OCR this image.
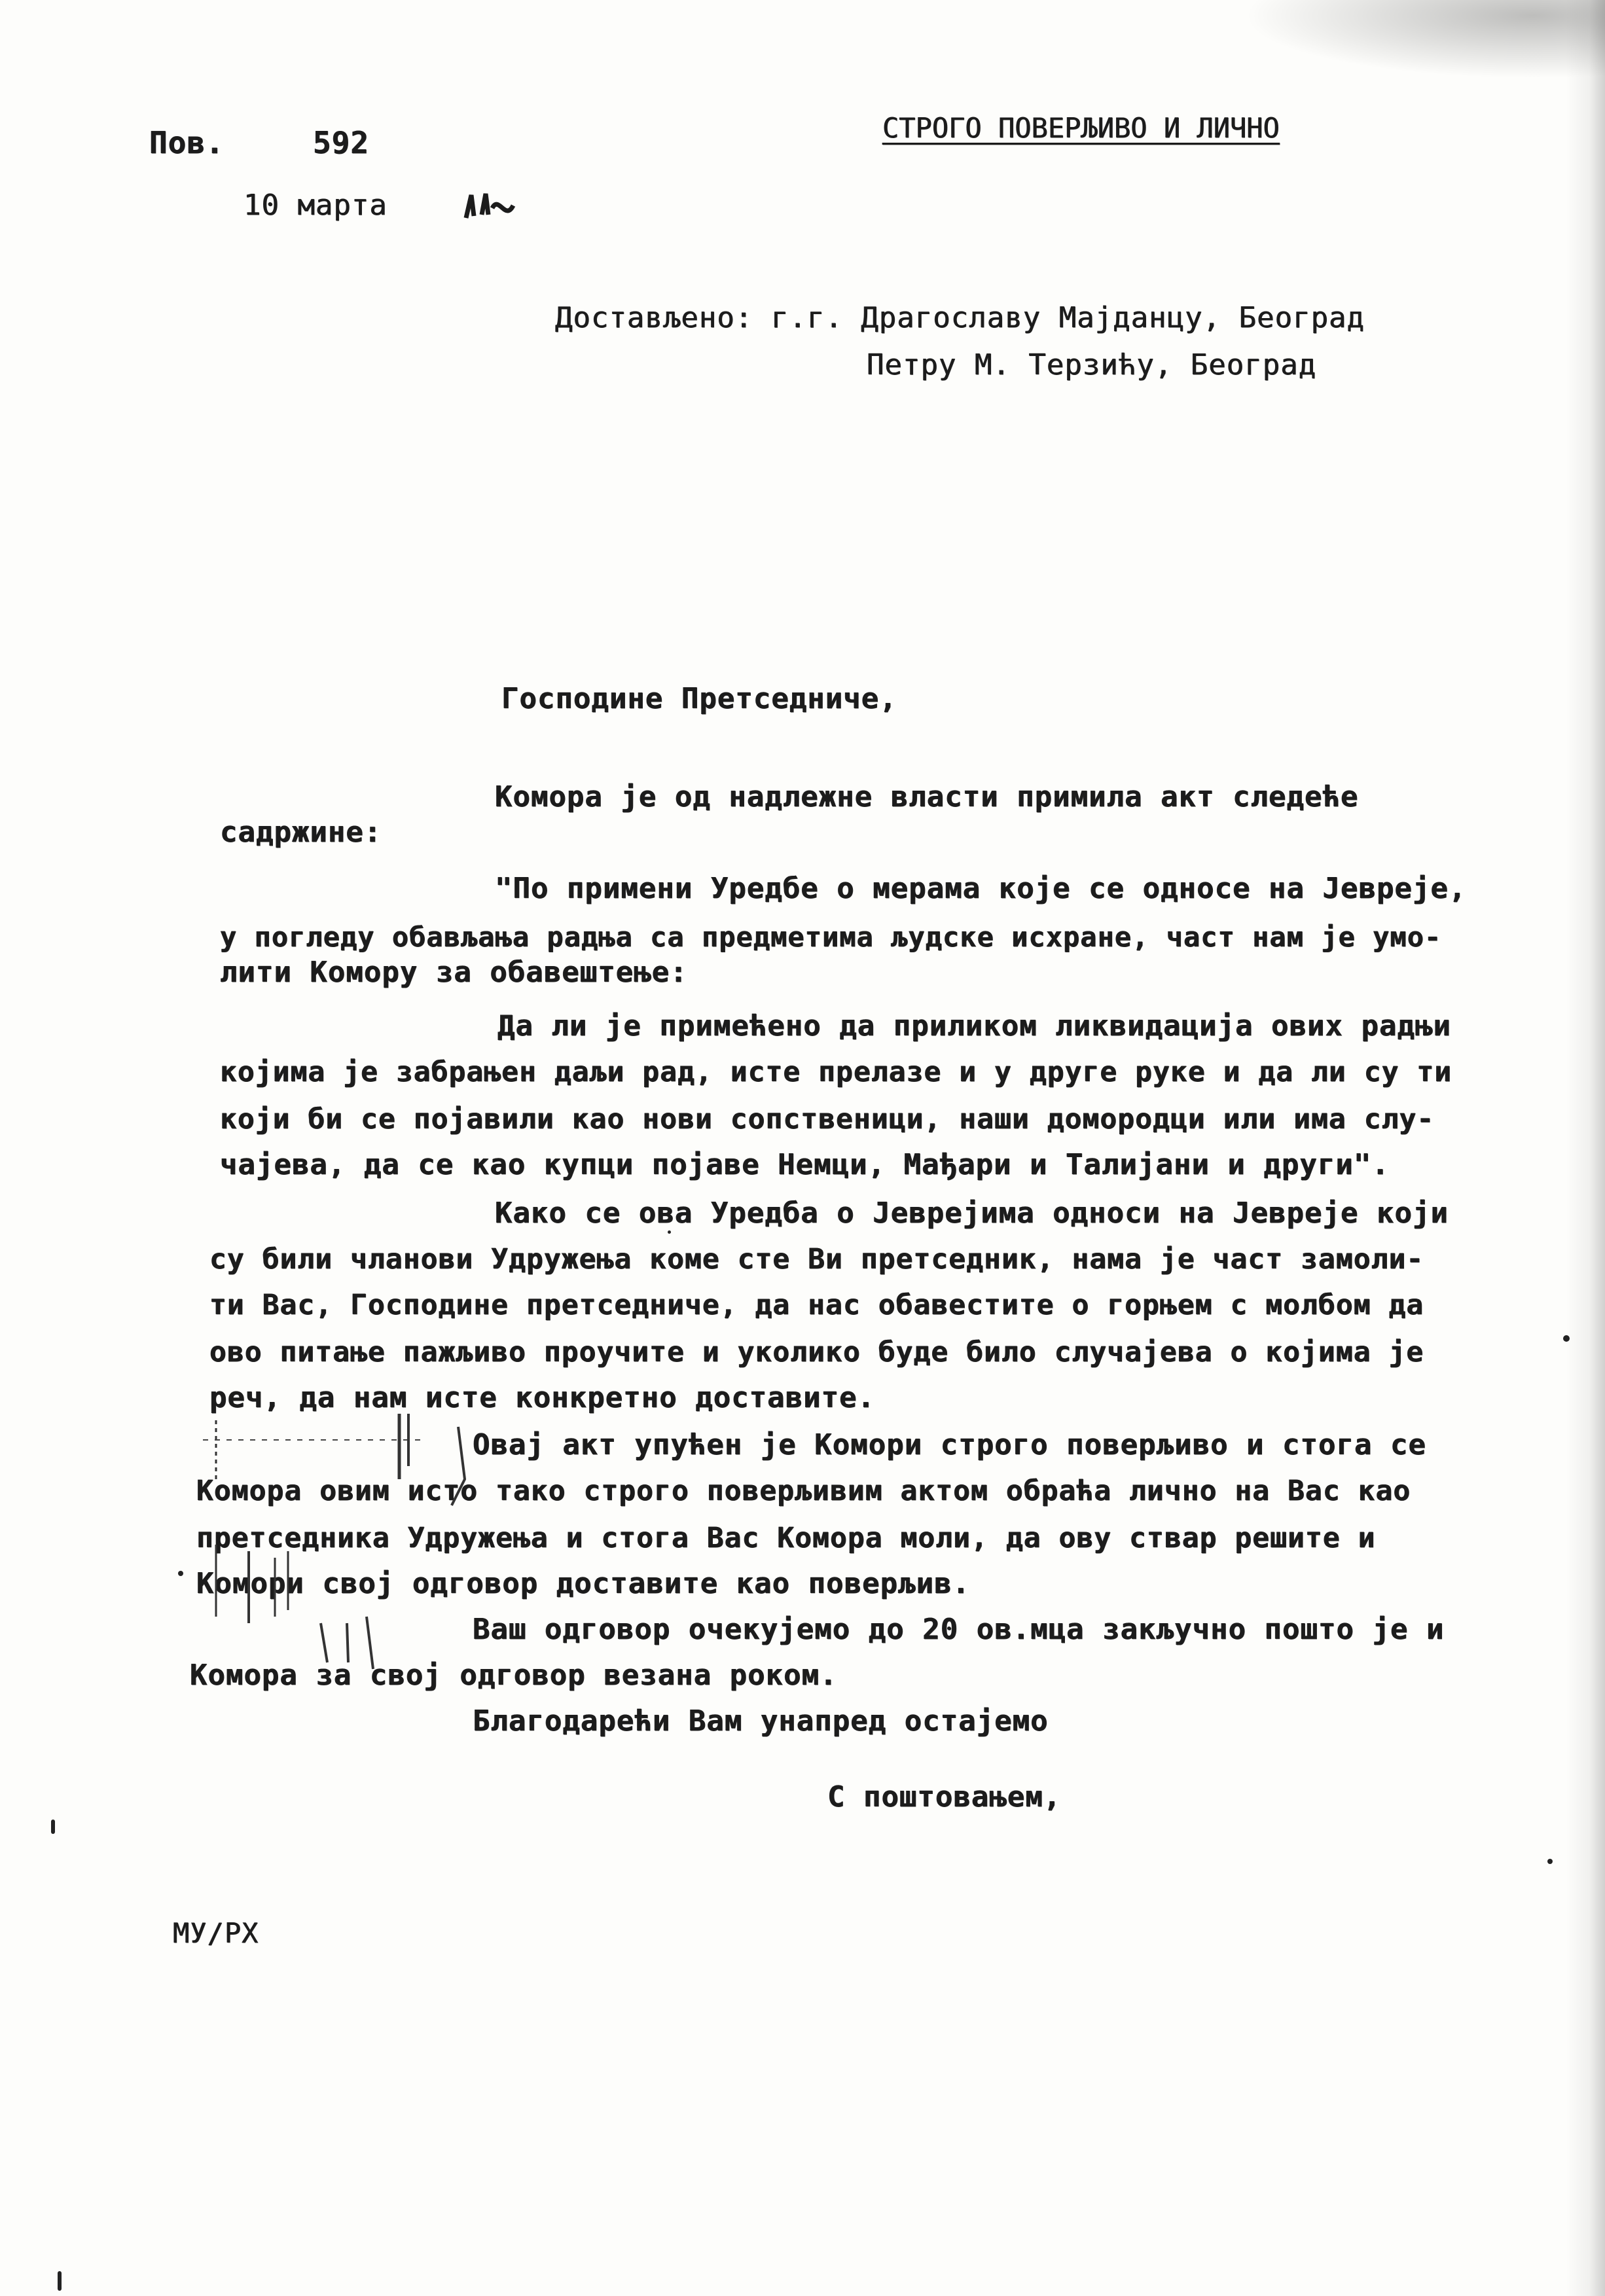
Пов.	592
10 марта
СТРОГО ПОВЕРЉИВО И ЛИЧНО
Достављено: г.г. Драгославу Мајданцу, Београд
Петру М. Терзићу, Београд
Господине Претседниче,
Комора је од надлежне власти примила акт следеће
садржине:
"По примени Уредбе о мерама које се односе на Јевреје,
у погледу обављања радња са предметима људске исхране, част нам је умо-
лити Комору за обавештење:
Да ли је примећено да приликом ликвидација ових радњи
којима је забрањен даљи рад, исте прелазе и у друге руке и да ли су ти
који би се појавили као нови сопственици, наши домородци или има слу-
чајева, да се као купци појаве Немци, Мађари и Талијани и други".
Како се ова Уредба о Јеврејима односи на Јевреје који
су били чланови Удружења коме сте Ви претседник, нама је част замоли-
ти Вас, Господине претседниче, да нас обавестите о горњем с молбом да
ово питање пажљиво проучите и уколико буде било случајева о којима је
реч, да нам исте конкретно доставите.
Овај акт упућен је Комори строго поверљиво и стога се
Комора овим исто тако строго поверљивим актом обраћа лично на Вас као
претседника Удружења и стога Вас Комора моли, да ову ствар решите и
Комори свој одговор доставите као поверљив.
Ваш одговор очекујемо до 20 ов.мца закључно пошто је и
Комора за свој одговор везана роком.
Благодарећи Вам унапред остајемо
С поштовањем,
МУ/РХ
